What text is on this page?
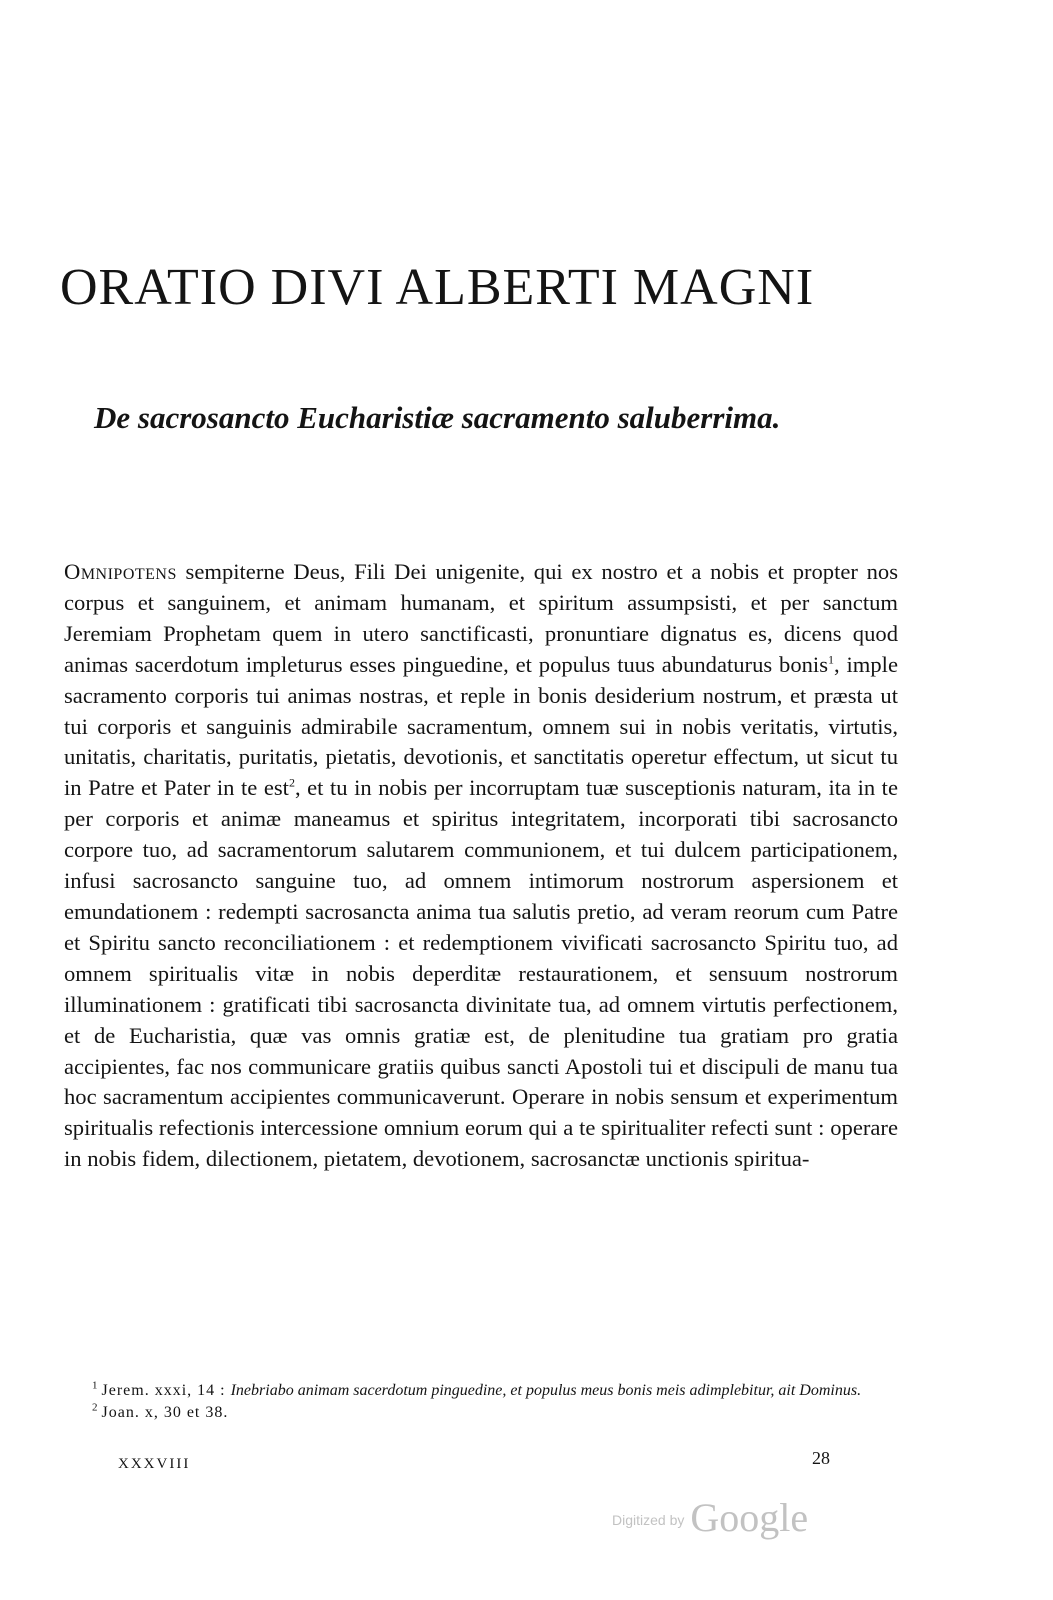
ORATIO DIVI ALBERTI MAGNI
De sacrosancto Eucharistiæ sacramento saluberrima.

Omnipotens sempiterne Deus, Fili Dei unigenite, qui ex nostro et a nobis et propter nos corpus et sanguinem, et animam humanam, et spiritum assumpsisti, et per sanctum Jeremiam Prophetam quem in utero sanctificasti, pronuntiare dignatus es, dicens quod animas sacerdotum impleturus esses pinguedine, et populus tuus abundaturus bonis$^1$, imple sacramento corporis tui animas nostras, et reple in bonis desiderium nostrum, et præsta ut tui corporis et sanguinis admirabile sacramentum, omnem sui in nobis veritatis, virtutis, unitatis, charitatis, puritatis, pietatis, devotionis, et sanctitatis operetur effectum, ut sicut tu in Patre et Pater in te est$^2$, et tu in nobis per incorruptam tuæ susceptionis naturam, ita in te per corporis et animæ maneamus et spiritus integritatem, incorporati tibi sacrosancto corpore tuo, ad sacramentorum salutarem communionem, et tui dulcem participationem, infusi sacrosancto sanguine tuo, ad omnem intimorum nostrorum aspersionem et emundationem : redempti sacrosancta anima tua salutis pretio, ad veram reorum cum Patre et Spiritu sancto reconciliationem : et redemptionem vivificati sacrosancto Spiritu tuo, ad omnem spiritualis vitæ in nobis deperditæ restaurationem, et sensuum nostrorum illuminationem : gratificati tibi sacrosancta divinitate tua, ad omnem virtutis perfectionem, et de Eucharistia, quæ vas omnis gratiæ est, de plenitudine tua gratiam pro gratia accipientes, fac nos communicare gratiis quibus sancti Apostoli tui et discipuli de manu tua hoc sacramentum accipientes communicaverunt. Operare in nobis sensum et experimentum spiritualis refectionis intercessione omnium eorum qui a te spiritualiter refecti sunt : operare in nobis fidem, dilectionem, pietatem, devotionem, sacrosanctæ unctionis spiritua-

$^1$ Jerem. xxxi, 14 : Inebriabo animam sacerdotum pinguedine, et populus meus bonis meis adimplebitur, ait Dominus.

$^2$ Joan. x, 30 et 38.

XXXVIII	28
Digitized by Google
